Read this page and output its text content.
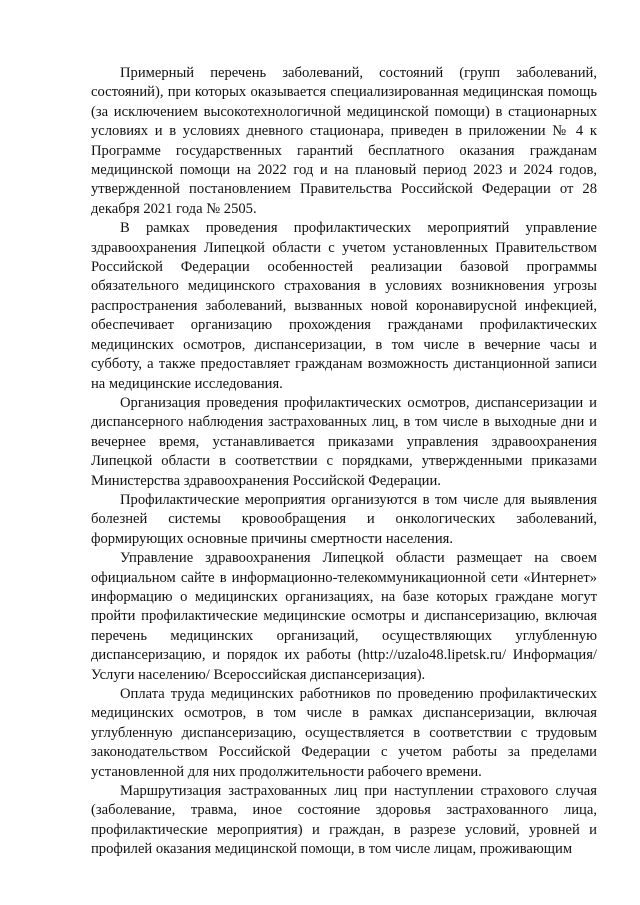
Примерный перечень заболеваний, состояний (групп заболеваний, состояний), при которых оказывается специализированная медицинская помощь (за исключением высокотехнологичной медицинской помощи) в стационарных условиях и в условиях дневного стационара, приведен в приложении № 4 к Программе государственных гарантий бесплатного оказания гражданам медицинской помощи на 2022 год и на плановый период 2023 и 2024 годов, утвержденной постановлением Правительства Российской Федерации от 28 декабря 2021 года № 2505.

В рамках проведения профилактических мероприятий управление здравоохранения Липецкой области с учетом установленных Правительством Российской Федерации особенностей реализации базовой программы обязательного медицинского страхования в условиях возникновения угрозы распространения заболеваний, вызванных новой коронавирусной инфекцией, обеспечивает организацию прохождения гражданами профилактических медицинских осмотров, диспансеризации, в том числе в вечерние часы и субботу, а также предоставляет гражданам возможность дистанционной записи на медицинские исследования.

Организация проведения профилактических осмотров, диспансеризации и диспансерного наблюдения застрахованных лиц, в том числе в выходные дни и вечернее время, устанавливается приказами управления здравоохранения Липецкой области в соответствии с порядками, утвержденными приказами Министерства здравоохранения Российской Федерации.

Профилактические мероприятия организуются в том числе для выявления болезней системы кровообращения и онкологических заболеваний, формирующих основные причины смертности населения.

Управление здравоохранения Липецкой области размещает на своем официальном сайте в информационно-телекоммуникационной сети «Интернет» информацию о медицинских организациях, на базе которых граждане могут пройти профилактические медицинские осмотры и диспансеризацию, включая перечень медицинских организаций, осуществляющих углубленную диспансеризацию, и порядок их работы (http://uzalo48.lipetsk.ru/ Информация/ Услуги населению/ Всероссийская диспансеризация).

Оплата труда медицинских работников по проведению профилактических медицинских осмотров, в том числе в рамках диспансеризации, включая углубленную диспансеризацию, осуществляется в соответствии с трудовым законодательством Российской Федерации с учетом работы за пределами установленной для них продолжительности рабочего времени.

Маршрутизация застрахованных лиц при наступлении страхового случая (заболевание, травма, иное состояние здоровья застрахованного лица, профилактические мероприятия) и граждан, в разрезе условий, уровней и профилей оказания медицинской помощи, в том числе лицам, проживающим
